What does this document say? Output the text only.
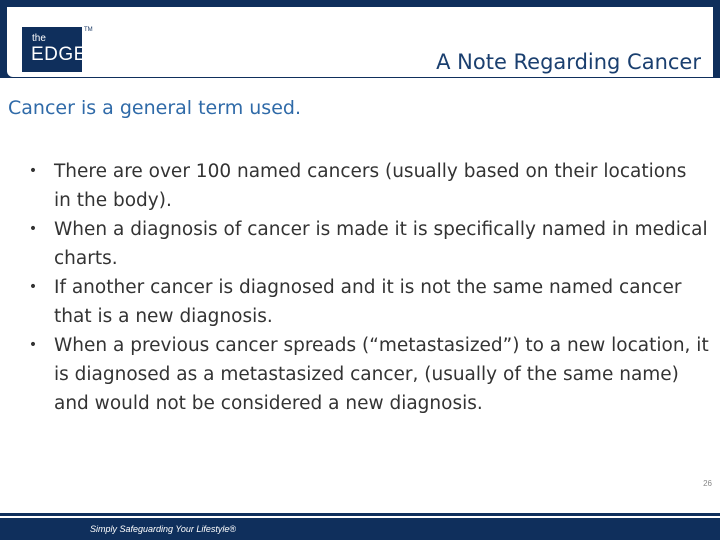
the
EDGE
TM
A Note Regarding Cancer
Cancer is a general term used.
• There are over 100 named cancers (usually based on their locations in the body).
• When a diagnosis of cancer is made it is specifically named in medical charts.
• If another cancer is diagnosed and it is not the same named cancer that is a new diagnosis.
• When a previous cancer spreads (“metastasized”) to a new location, it is diagnosed as a metastasized cancer, (usually of the same name) and would not be considered a new diagnosis.
26
Simply Safeguarding Your Lifestyle®
